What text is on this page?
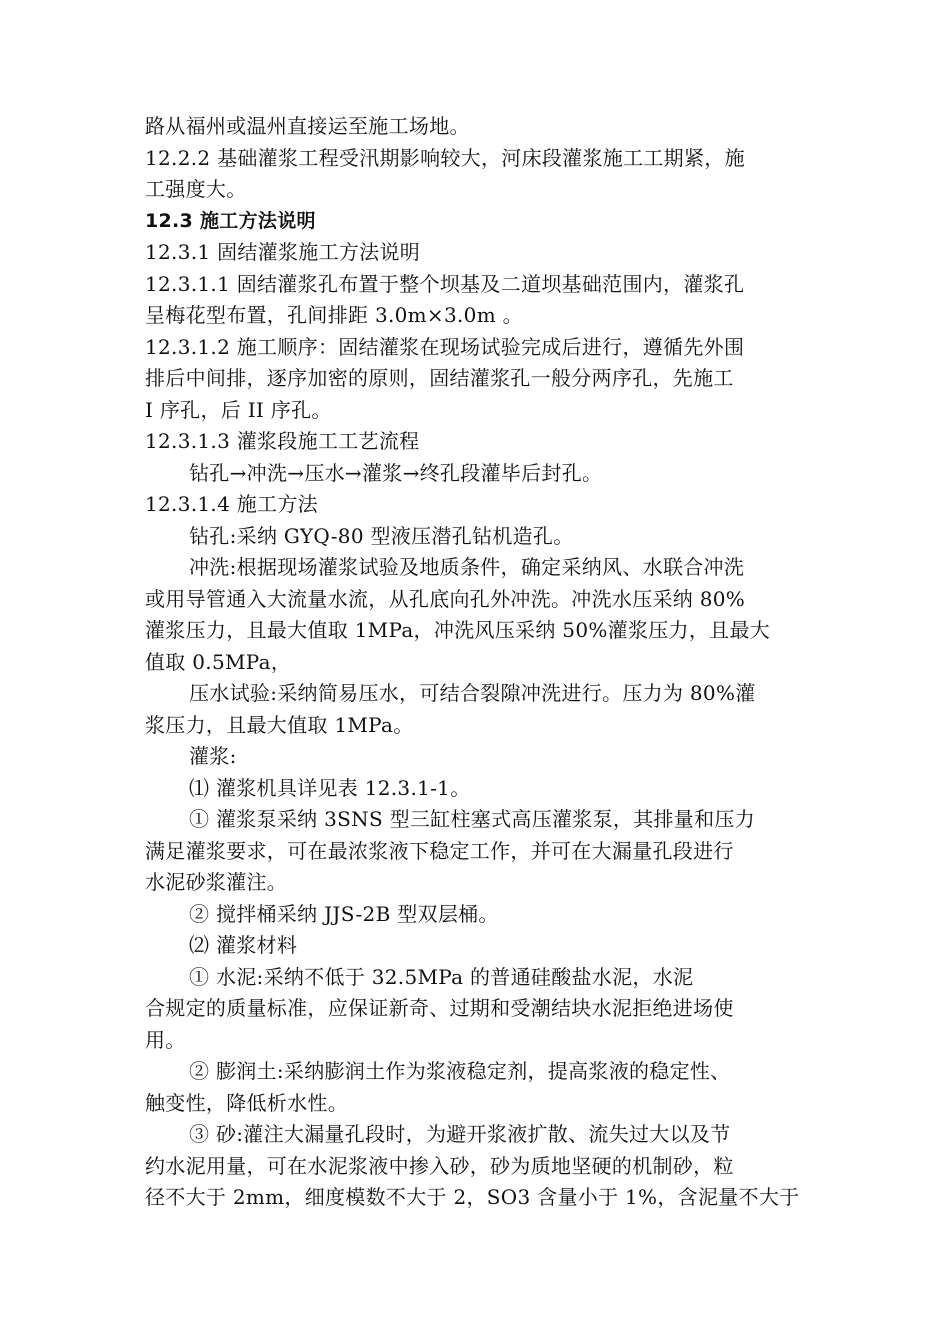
路从福州或温州直接运至施工场地。
12.2.2 基础灌浆工程受汛期影响较大，河床段灌浆施工工期紧，施
工强度大。
12.3 施工方法说明
12.3.1 固结灌浆施工方法说明
12.3.1.1 固结灌浆孔布置于整个坝基及二道坝基础范围内，灌浆孔
呈梅花型布置，孔间排距 3.0m×3.0m 。
12.3.1.2 施工顺序：固结灌浆在现场试验完成后进行，遵循先外围
排后中间排，逐序加密的原则，固结灌浆孔一般分两序孔，先施工
I 序孔，后 II 序孔。
12.3.1.3 灌浆段施工工艺流程
钻孔→冲洗→压水→灌浆→终孔段灌毕后封孔。
12.3.1.4 施工方法
钻孔:采纳 GYQ-80 型液压潜孔钻机造孔。
冲洗:根据现场灌浆试验及地质条件，确定采纳风、水联合冲洗
或用导管通入大流量水流，从孔底向孔外冲洗。冲洗水压采纳 80%
灌浆压力，且最大值取 1MPa，冲洗风压采纳 50%灌浆压力，且最大
值取 0.5MPa，
压水试验:采纳简易压水，可结合裂隙冲洗进行。压力为 80%灌
浆压力，且最大值取 1MPa。
灌浆:
⑴ 灌浆机具详见表 12.3.1-1。
① 灌浆泵采纳 3SNS 型三缸柱塞式高压灌浆泵，其排量和压力
满足灌浆要求，可在最浓浆液下稳定工作，并可在大漏量孔段进行
水泥砂浆灌注。
② 搅拌桶采纳 JJS-2B 型双层桶。
⑵ 灌浆材料
① 水泥:采纳不低于 32.5MPa 的普通硅酸盐水泥，水泥
合规定的质量标准，应保证新奇、过期和受潮结块水泥拒绝进场使
用。
② 膨润土:采纳膨润土作为浆液稳定剂，提高浆液的稳定性、
触变性，降低析水性。
③ 砂:灌注大漏量孔段时，为避开浆液扩散、流失过大以及节
约水泥用量，可在水泥浆液中掺入砂，砂为质地坚硬的机制砂，粒
径不大于 2mm，细度模数不大于 2，SO3 含量小于 1%，含泥量不大于
